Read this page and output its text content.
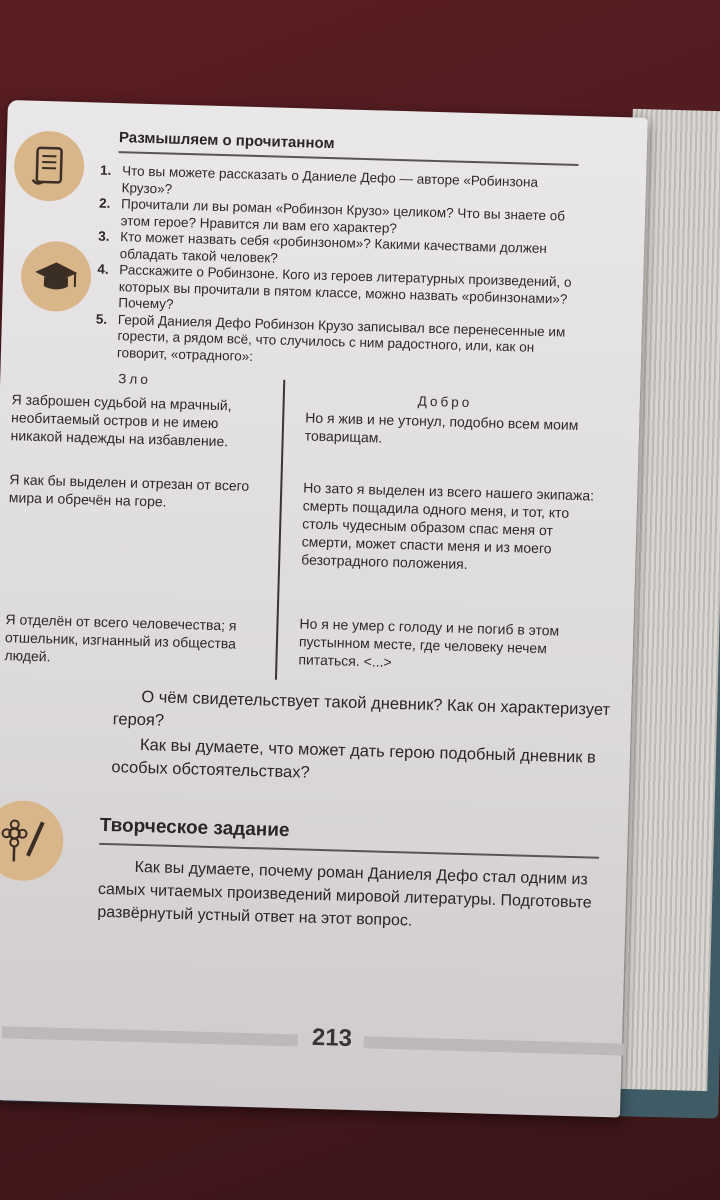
Размышляем о прочитанном
1. Что вы можете рассказать о Даниеле Дефо — авторе «Робинзона Крузо»?
2. Прочитали ли вы роман «Робинзон Крузо» целиком? Что вы знаете об этом герое? Нравится ли вам его характер?
3. Кто может назвать себя «робинзоном»? Какими качествами должен обладать такой человек?
4. Расскажите о Робинзоне. Кого из героев литературных произведений, о которых вы прочитали в пятом классе, можно назвать «робинзонами»? Почему?
5. Герой Даниеля Дефо Робинзон Крузо записывал все перенесенные им горести, а рядом всё, что случилось с ним радостного, или, как он говорит, «отрадного»:
Зло
Добро
Я заброшен судьбой на мрачный, необитаемый остров и не имею никакой надежды на избавление.
Но я жив и не утонул, подобно всем моим товарищам.
Я как бы выделен и отрезан от всего мира и обречён на горе.	Но зато я выделен из всего нашего экипажа: смерть пощадила одного меня, и тот, кто столь чудесным образом спас меня от смерти, может спасти меня и из моего безотрадного положения.
Я отделён от всего человечества; я отшельник, изгнанный из общества людей.
Но я не умер с голоду и не погиб в этом пустынном месте, где человеку нечем питаться. <...>
О чём свидетельствует такой дневник? Как он характеризует героя?
Как вы думаете, что может дать герою подобный дневник в особых обстоятельствах?
Творческое задание
Как вы думаете, почему роман Даниеля Дефо стал одним из самых читаемых произведений мировой литературы. Подготовьте развёрнутый устный ответ на этот вопрос.
213
